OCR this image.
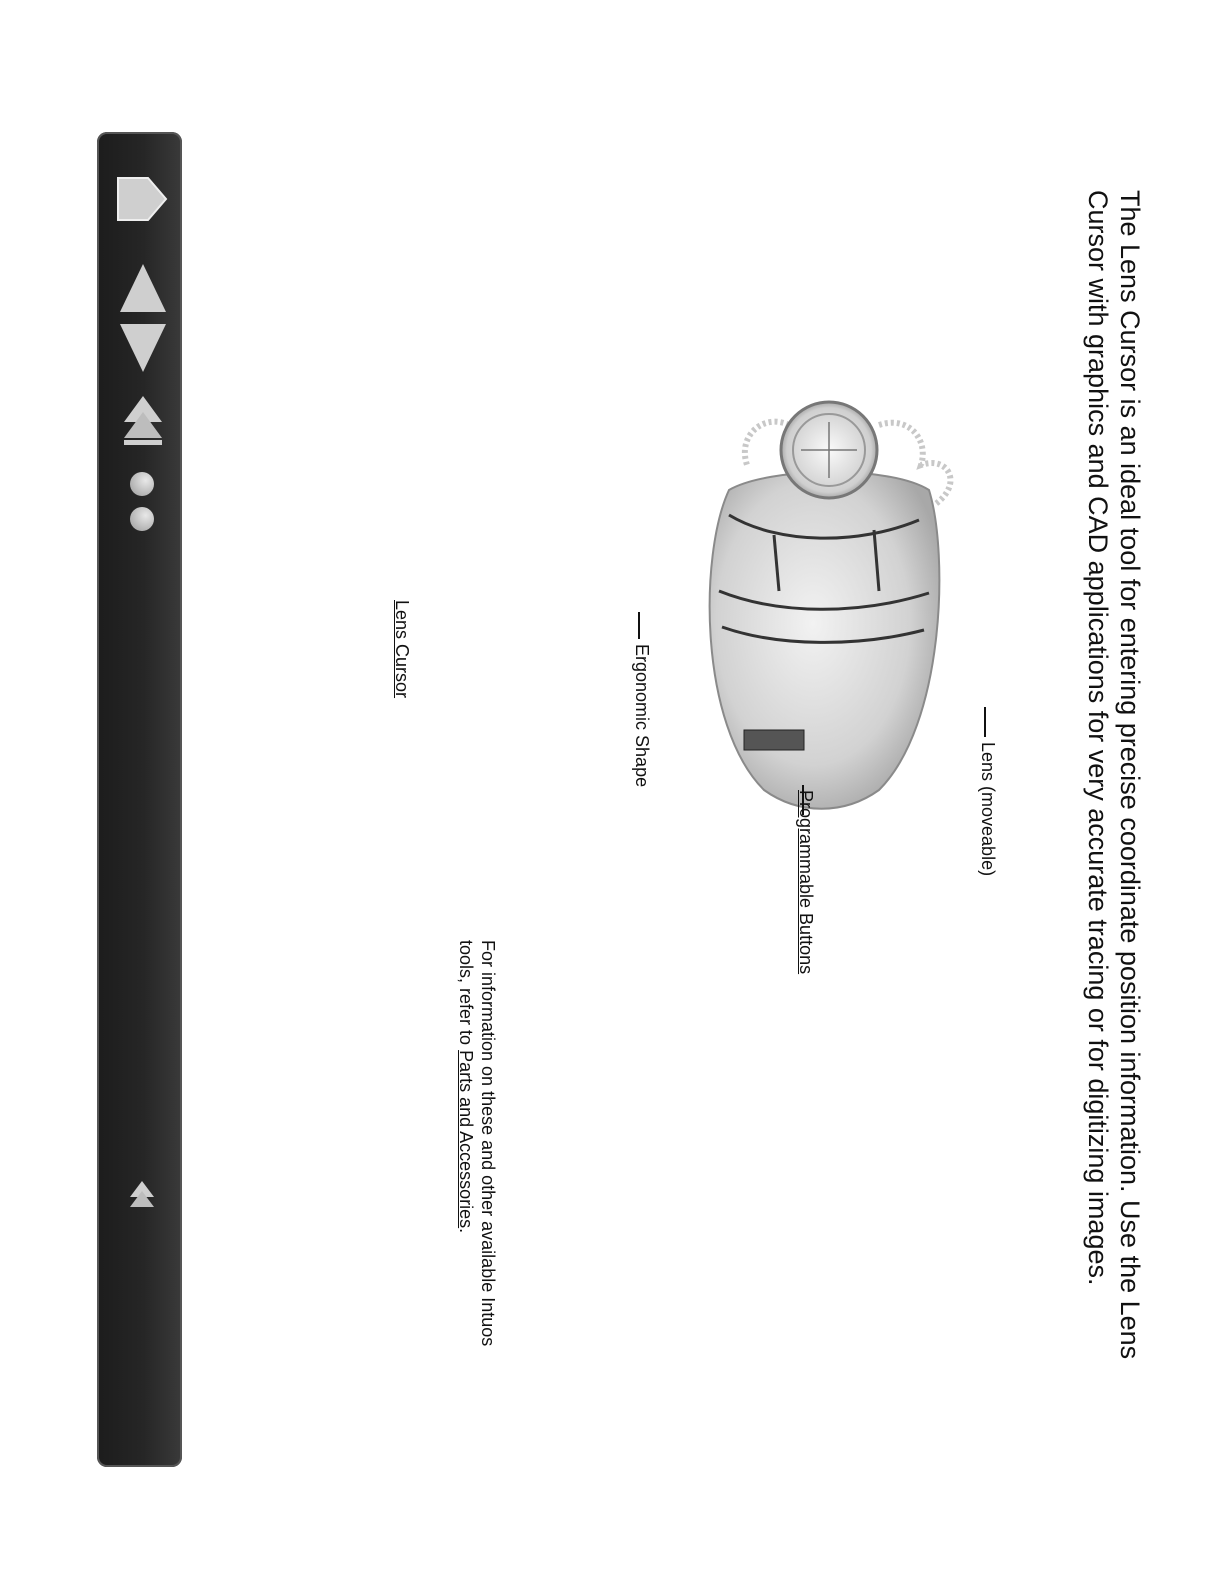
The Lens Cursor is an ideal tool for entering precise coordinate position information. Use the Lens Cursor with graphics and CAD applications for very accurate tracing or for digitizing images.

Lens (moveable)
Programmable Buttons
Ergonomic Shape
Lens Cursor

For information on these and other available Intuos tools, refer to Parts and Accessories.
